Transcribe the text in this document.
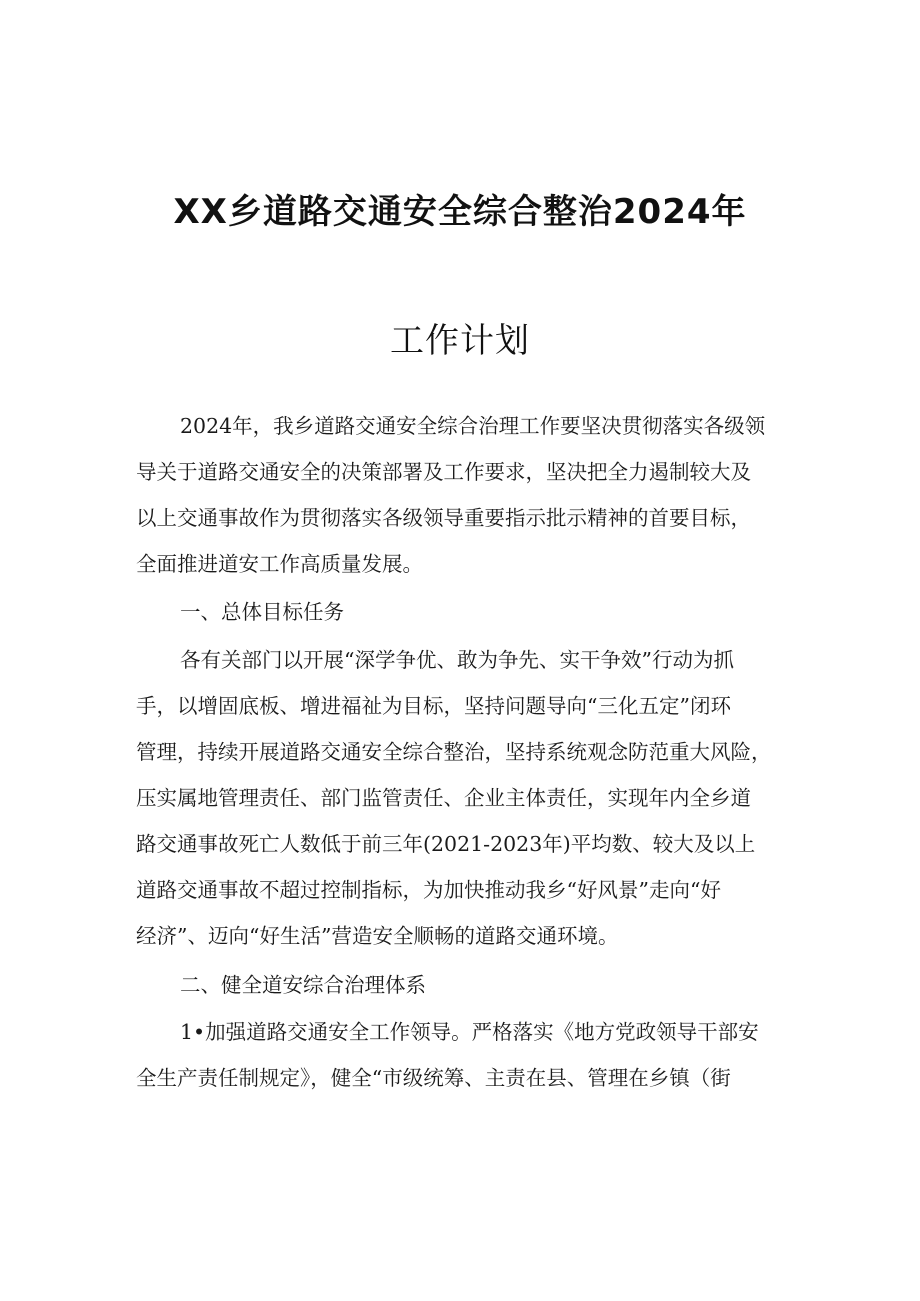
XX乡道路交通安全综合整治2024年
工作计划
2024年，我乡道路交通安全综合治理工作要坚决贯彻落实各级领
导关于道路交通安全的决策部署及工作要求，坚决把全力遏制较大及
以上交通事故作为贯彻落实各级领导重要指示批示精神的首要目标，
全面推进道安工作高质量发展。
一、总体目标任务
各有关部门以开展“深学争优、敢为争先、实干争效”行动为抓
手，以增固底板、增进福祉为目标，坚持问题导向“三化五定”闭环
管理，持续开展道路交通安全综合整治，坚持系统观念防范重大风险，
压实属地管理责任、部门监管责任、企业主体责任，实现年内全乡道
路交通事故死亡人数低于前三年(2021-2023年)平均数、较大及以上
道路交通事故不超过控制指标，为加快推动我乡“好风景”走向“好
经济”、迈向“好生活”营造安全顺畅的道路交通环境。
二、健全道安综合治理体系
1•加强道路交通安全工作领导。严格落实《地方党政领导干部安
全生产责任制规定》，健全“市级统筹、主责在县、管理在乡镇（街
